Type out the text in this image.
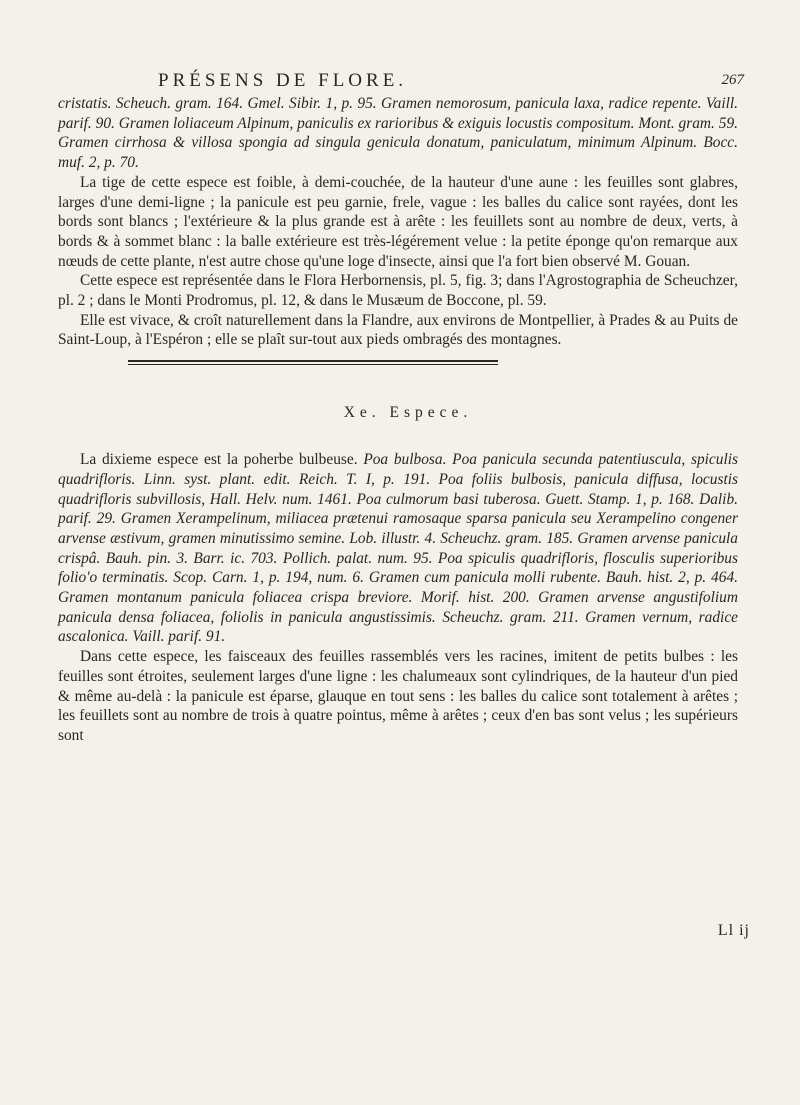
PRÉSENS DE FLORE.	267

cristatis. Scheuch. gram. 164. Gmel. Sibir. 1, p. 95. Gramen nemorosum, panicula laxa, radice repente. Vaill. parif. 90. Gramen loliaceum Alpinum, paniculis ex rarioribus & exiguis locustis compositum. Mont. gram. 59. Gramen cirrhosa & villosa spongia ad singula genicula donatum, paniculatum, minimum Alpinum. Bocc. muf. 2, p. 70.

La tige de cette espece est foible, à demi-couchée, de la hauteur d'une aune : les feuilles sont glabres, larges d'une demi-ligne ; la panicule est peu garnie, frele, vague : les balles du calice sont rayées, dont les bords sont blancs ; l'extérieure & la plus grande est à arête : les feuillets sont au nombre de deux, verts, à bords & à sommet blanc : la balle extérieure est très-légérement velue : la petite éponge qu'on remarque aux nœuds de cette plante, n'est autre chose qu'une loge d'insecte, ainsi que l'a fort bien observé M. Gouan.

Cette espece est représentée dans le Flora Herbornensis, pl. 5, fig. 3; dans l'Agrostographia de Scheuchzer, pl. 2 ; dans le Monti Prodromus, pl. 12, & dans le Musæum de Boccone, pl. 59.

Elle est vivace, & croît naturellement dans la Flandre, aux environs de Montpellier, à Prades & au Puits de Saint-Loup, à l'Espéron ; elle se plaît sur-tout aux pieds ombragés des montagnes.

Xe. Espece.

La dixieme espece est la poherbe bulbeuse. Poa bulbosa. Poa panicula secunda patentiuscula, spiculis quadrifloris. Linn. syst. plant. edit. Reich. T. I, p. 191. Poa foliis bulbosis, panicula diffusa, locustis quadrifloris subvillosis, Hall. Helv. num. 1461. Poa culmorum basi tuberosa. Guett. Stamp. 1, p. 168. Dalib. parif. 29. Gramen Xerampelinum, miliacea prætenui ramosaque sparsa panicula seu Xerampelino congener arvense æstivum, gramen minutissimo semine. Lob. illustr. 4. Scheuchz. gram. 185. Gramen arvense panicula crispâ. Bauh. pin. 3. Barr. ic. 703. Pollich. palat. num. 95. Poa spiculis quadrifloris, flosculis superioribus folio'o terminatis. Scop. Carn. 1, p. 194, num. 6. Gramen cum panicula molli rubente. Bauh. hist. 2, p. 464. Gramen montanum panicula foliacea crispa breviore. Morif. hist. 200. Gramen arvense angustifolium panicula densa foliacea, foliolis in panicula angustissimis. Scheuchz. gram. 211. Gramen vernum, radice ascalonica. Vaill. parif. 91.

Dans cette espece, les faisceaux des feuilles rassemblés vers les racines, imitent de petits bulbes : les feuilles sont étroites, seulement larges d'une ligne : les chalumeaux sont cylindriques, de la hauteur d'un pied & même au-delà : la panicule est éparse, glauque en tout sens : les balles du calice sont totalement à arêtes ; les feuillets sont au nombre de trois à quatre pointus, même à arêtes ; ceux d'en bas sont velus ; les supérieurs sont

Ll ij
